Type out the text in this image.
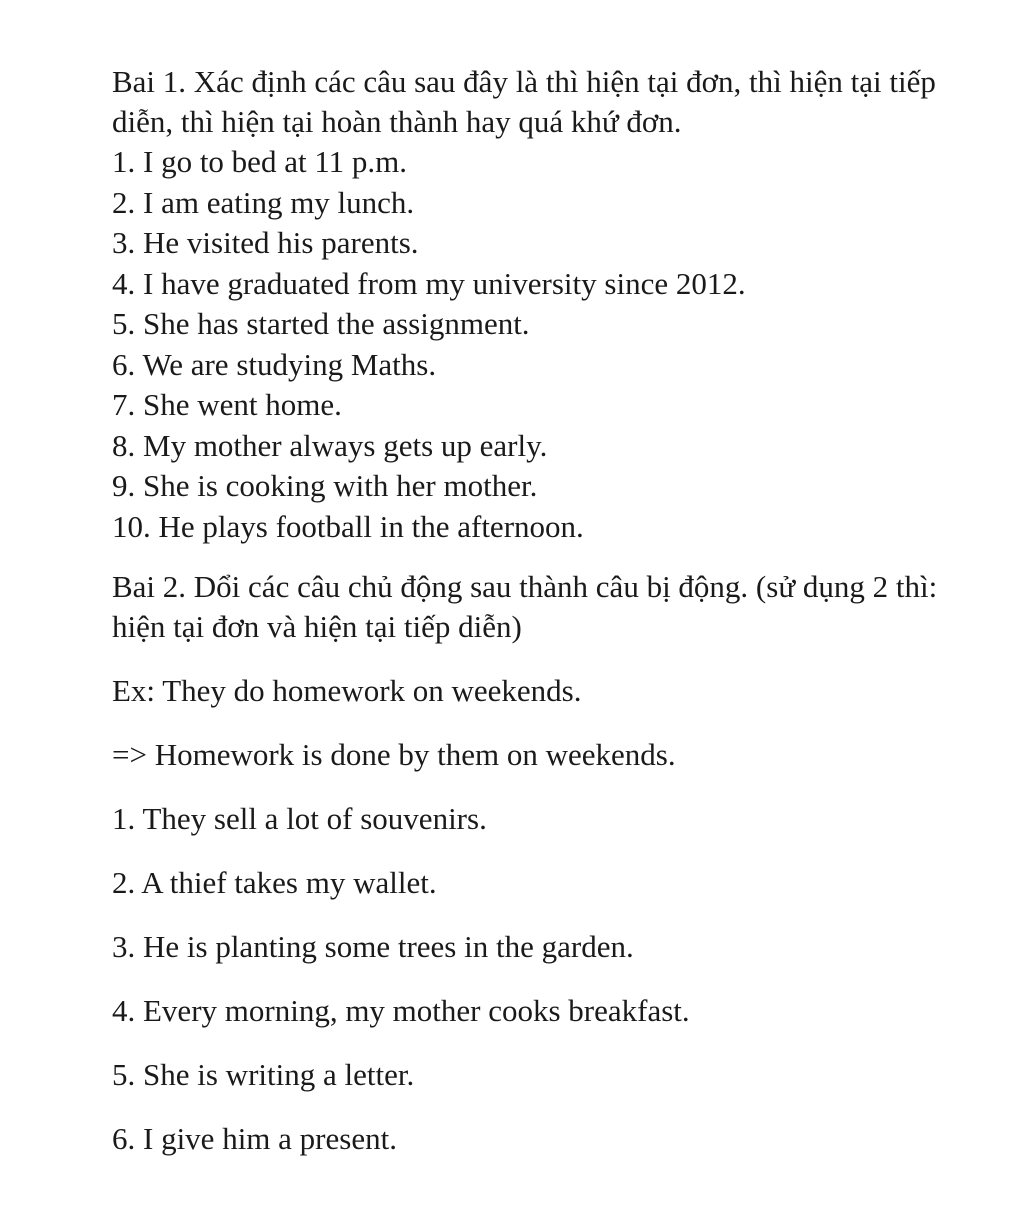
Bai 1. Xác định các câu sau đây là thì hiện tại đơn, thì hiện tại tiếp diễn, thì hiện tại hoàn thành hay quá khứ đơn.

1. I go to bed at 11 p.m.

2. I am eating my lunch.

3. He visited his parents.

4. I have graduated from my university since 2012.

5. She has started the assignment.

6. We are studying Maths.

7. She went home.

8. My mother always gets up early.

9. She is cooking with her mother.

10. He plays football in the afternoon.

Bai 2. Dổi các câu chủ động sau thành câu bị động. (sử dụng 2 thì: hiện tại đơn và hiện tại tiếp diễn)

Ex: They do homework on weekends.

=> Homework is done by them on weekends.

1. They sell a lot of souvenirs.

2. A thief takes my wallet.

3. He is planting some trees in the garden.

4. Every morning, my mother cooks breakfast.

5. She is writing a letter.

6. I give him a present.
